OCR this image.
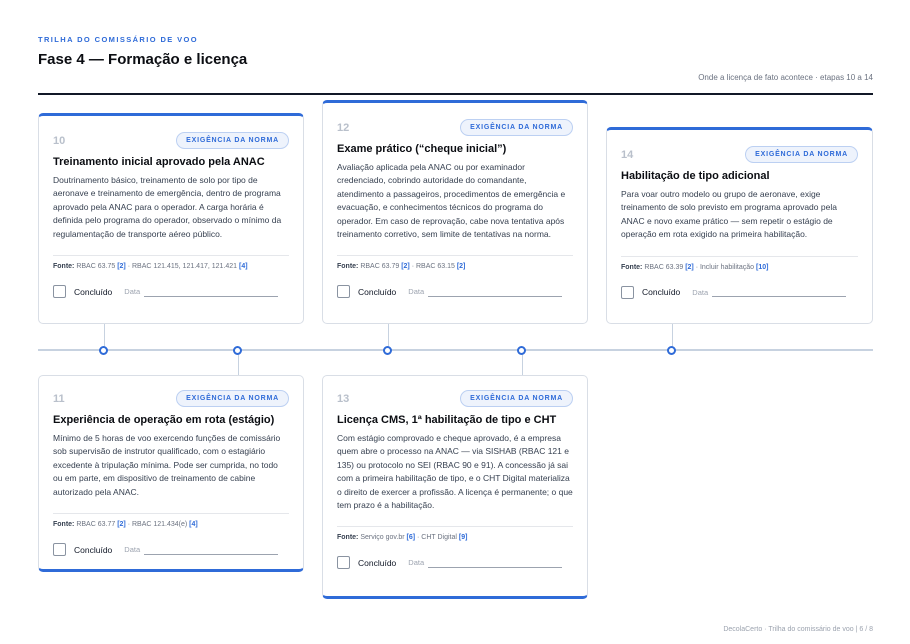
TRILHA DO COMISSÁRIO DE VOO
Fase 4 — Formação e licença
Onde a licença de fato acontece · etapas 10 a 14
10	EXIGÊNCIA DA NORMA
Treinamento inicial aprovado pela ANAC
Doutrinamento básico, treinamento de solo por tipo de aeronave e treinamento de emergência, dentro de programa aprovado pela ANAC para o operador. A carga horária é definida pelo programa do operador, observado o mínimo da regulamentação de transporte aéreo público.
Fonte: RBAC 63.75 [2] · RBAC 121.415, 121.417, 121.421 [4]
Concluído Data
12	EXIGÊNCIA DA NORMA
Exame prático (“cheque inicial”)
Avaliação aplicada pela ANAC ou por examinador credenciado, cobrindo autoridade do comandante, atendimento a passageiros, procedimentos de emergência e evacuação, e conhecimentos técnicos do programa do operador. Em caso de reprovação, cabe nova tentativa após treinamento corretivo, sem limite de tentativas na norma.
Fonte: RBAC 63.79 [2] · RBAC 63.15 [2]
Concluído Data
14	EXIGÊNCIA DA NORMA
Habilitação de tipo adicional
Para voar outro modelo ou grupo de aeronave, exige treinamento de solo previsto em programa aprovado pela ANAC e novo exame prático — sem repetir o estágio de operação em rota exigido na primeira habilitação.
Fonte: RBAC 63.39 [2] · Incluir habilitação [10]
Concluído Data
11	EXIGÊNCIA DA NORMA
Experiência de operação em rota (estágio)
Mínimo de 5 horas de voo exercendo funções de comissário sob supervisão de instrutor qualificado, com o estagiário excedente à tripulação mínima. Pode ser cumprida, no todo ou em parte, em dispositivo de treinamento de cabine autorizado pela ANAC.
Fonte: RBAC 63.77 [2] · RBAC 121.434(e) [4]
Concluído Data
13	EXIGÊNCIA DA NORMA
Licença CMS, 1ª habilitação de tipo e CHT
Com estágio comprovado e cheque aprovado, é a empresa quem abre o processo na ANAC — via SISHAB (RBAC 121 e 135) ou protocolo no SEI (RBAC 90 e 91). A concessão já sai com a primeira habilitação de tipo, e o CHT Digital materializa o direito de exercer a profissão. A licença é permanente; o que tem prazo é a habilitação.
Fonte: Serviço gov.br [6] · CHT Digital [9]
Concluído Data
DecolaCerto · Trilha do comissário de voo | 6 / 8
